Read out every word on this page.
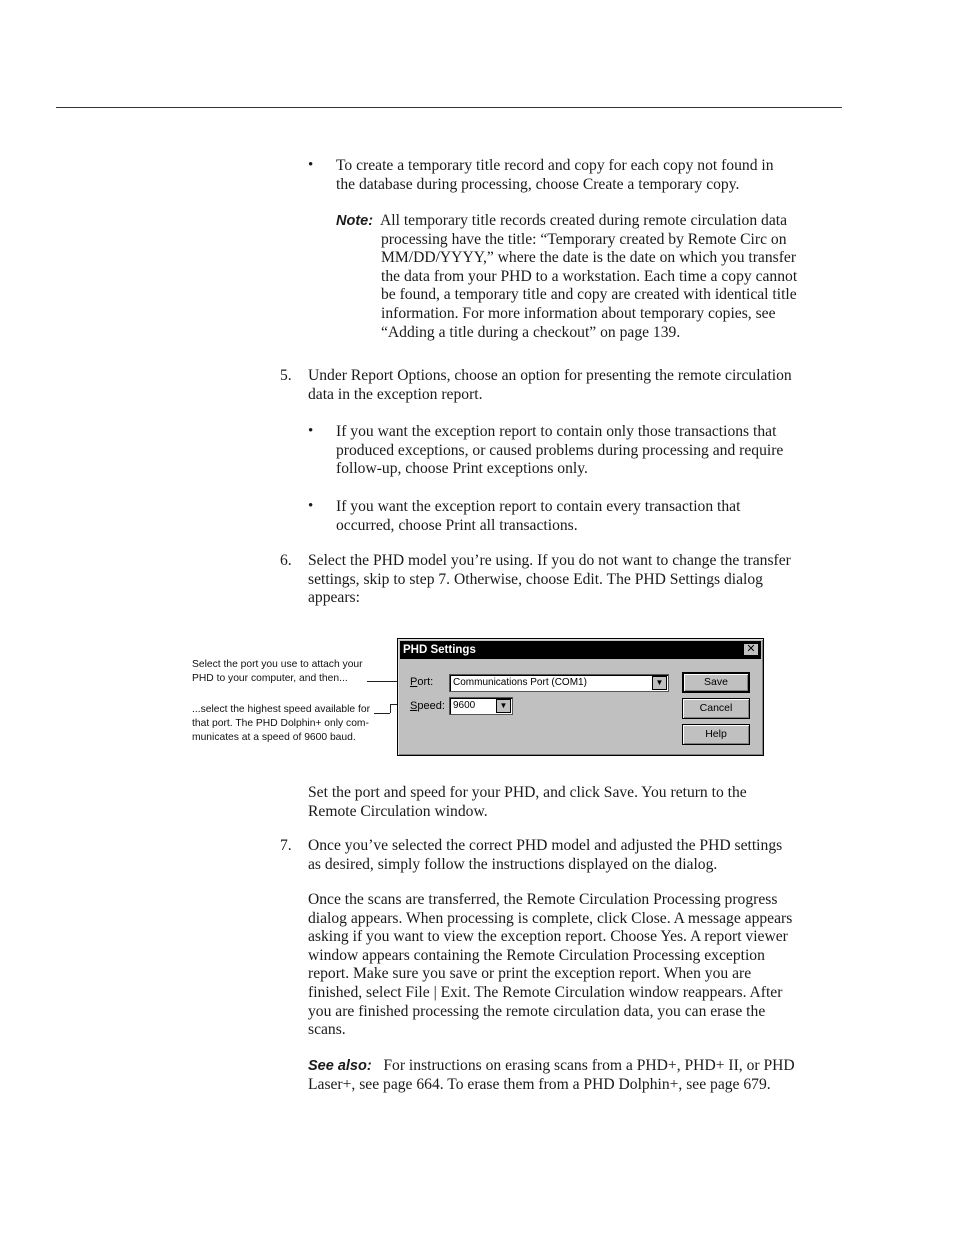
• To create a temporary title record and copy for each copy not found in
the database during processing, choose Create a temporary copy.

Note: All temporary title records created during remote circulation data
processing have the title: “Temporary created by Remote Circ on
MM/DD/YYYY,” where the date is the date on which you transfer
the data from your PHD to a workstation. Each time a copy cannot
be found, a temporary title and copy are created with identical title
information. For more information about temporary copies, see
“Adding a title during a checkout” on page 139.
5. Under Report Options, choose an option for presenting the remote circulation
data in the exception report.

• If you want the exception report to contain only those transactions that
produced exceptions, or caused problems during processing and require
follow-up, choose Print exceptions only.

• If you want the exception report to contain every transaction that
occurred, choose Print all transactions.

6. Select the PHD model you’re using. If you do not want to change the transfer
settings, skip to step 7. Otherwise, choose Edit. The PHD Settings dialog
appears:

Select the port you use to attach your
PHD to your computer, and then...

...select the highest speed available for
that port. The PHD Dolphin+ only com-
municates at a speed of 9600 baud.

PHD Settings	✕
Port:	Communications Port (COM1)	▼
Speed: 9600	▼
Save
Cancel
Help

Set the port and speed for your PHD, and click Save. You return to the
Remote Circulation window.

7. Once you’ve selected the correct PHD model and adjusted the PHD settings
as desired, simply follow the instructions displayed on the dialog.

Once the scans are transferred, the Remote Circulation Processing progress
dialog appears. When processing is complete, click Close. A message appears
asking if you want to view the exception report. Choose Yes. A report viewer
window appears containing the Remote Circulation Processing exception
report. Make sure you save or print the exception report. When you are
finished, select File | Exit. The Remote Circulation window reappears. After
you are finished processing the remote circulation data, you can erase the
scans.

See also: For instructions on erasing scans from a PHD+, PHD+ II, or PHD
Laser+, see page 664. To erase them from a PHD Dolphin+, see page 679.
